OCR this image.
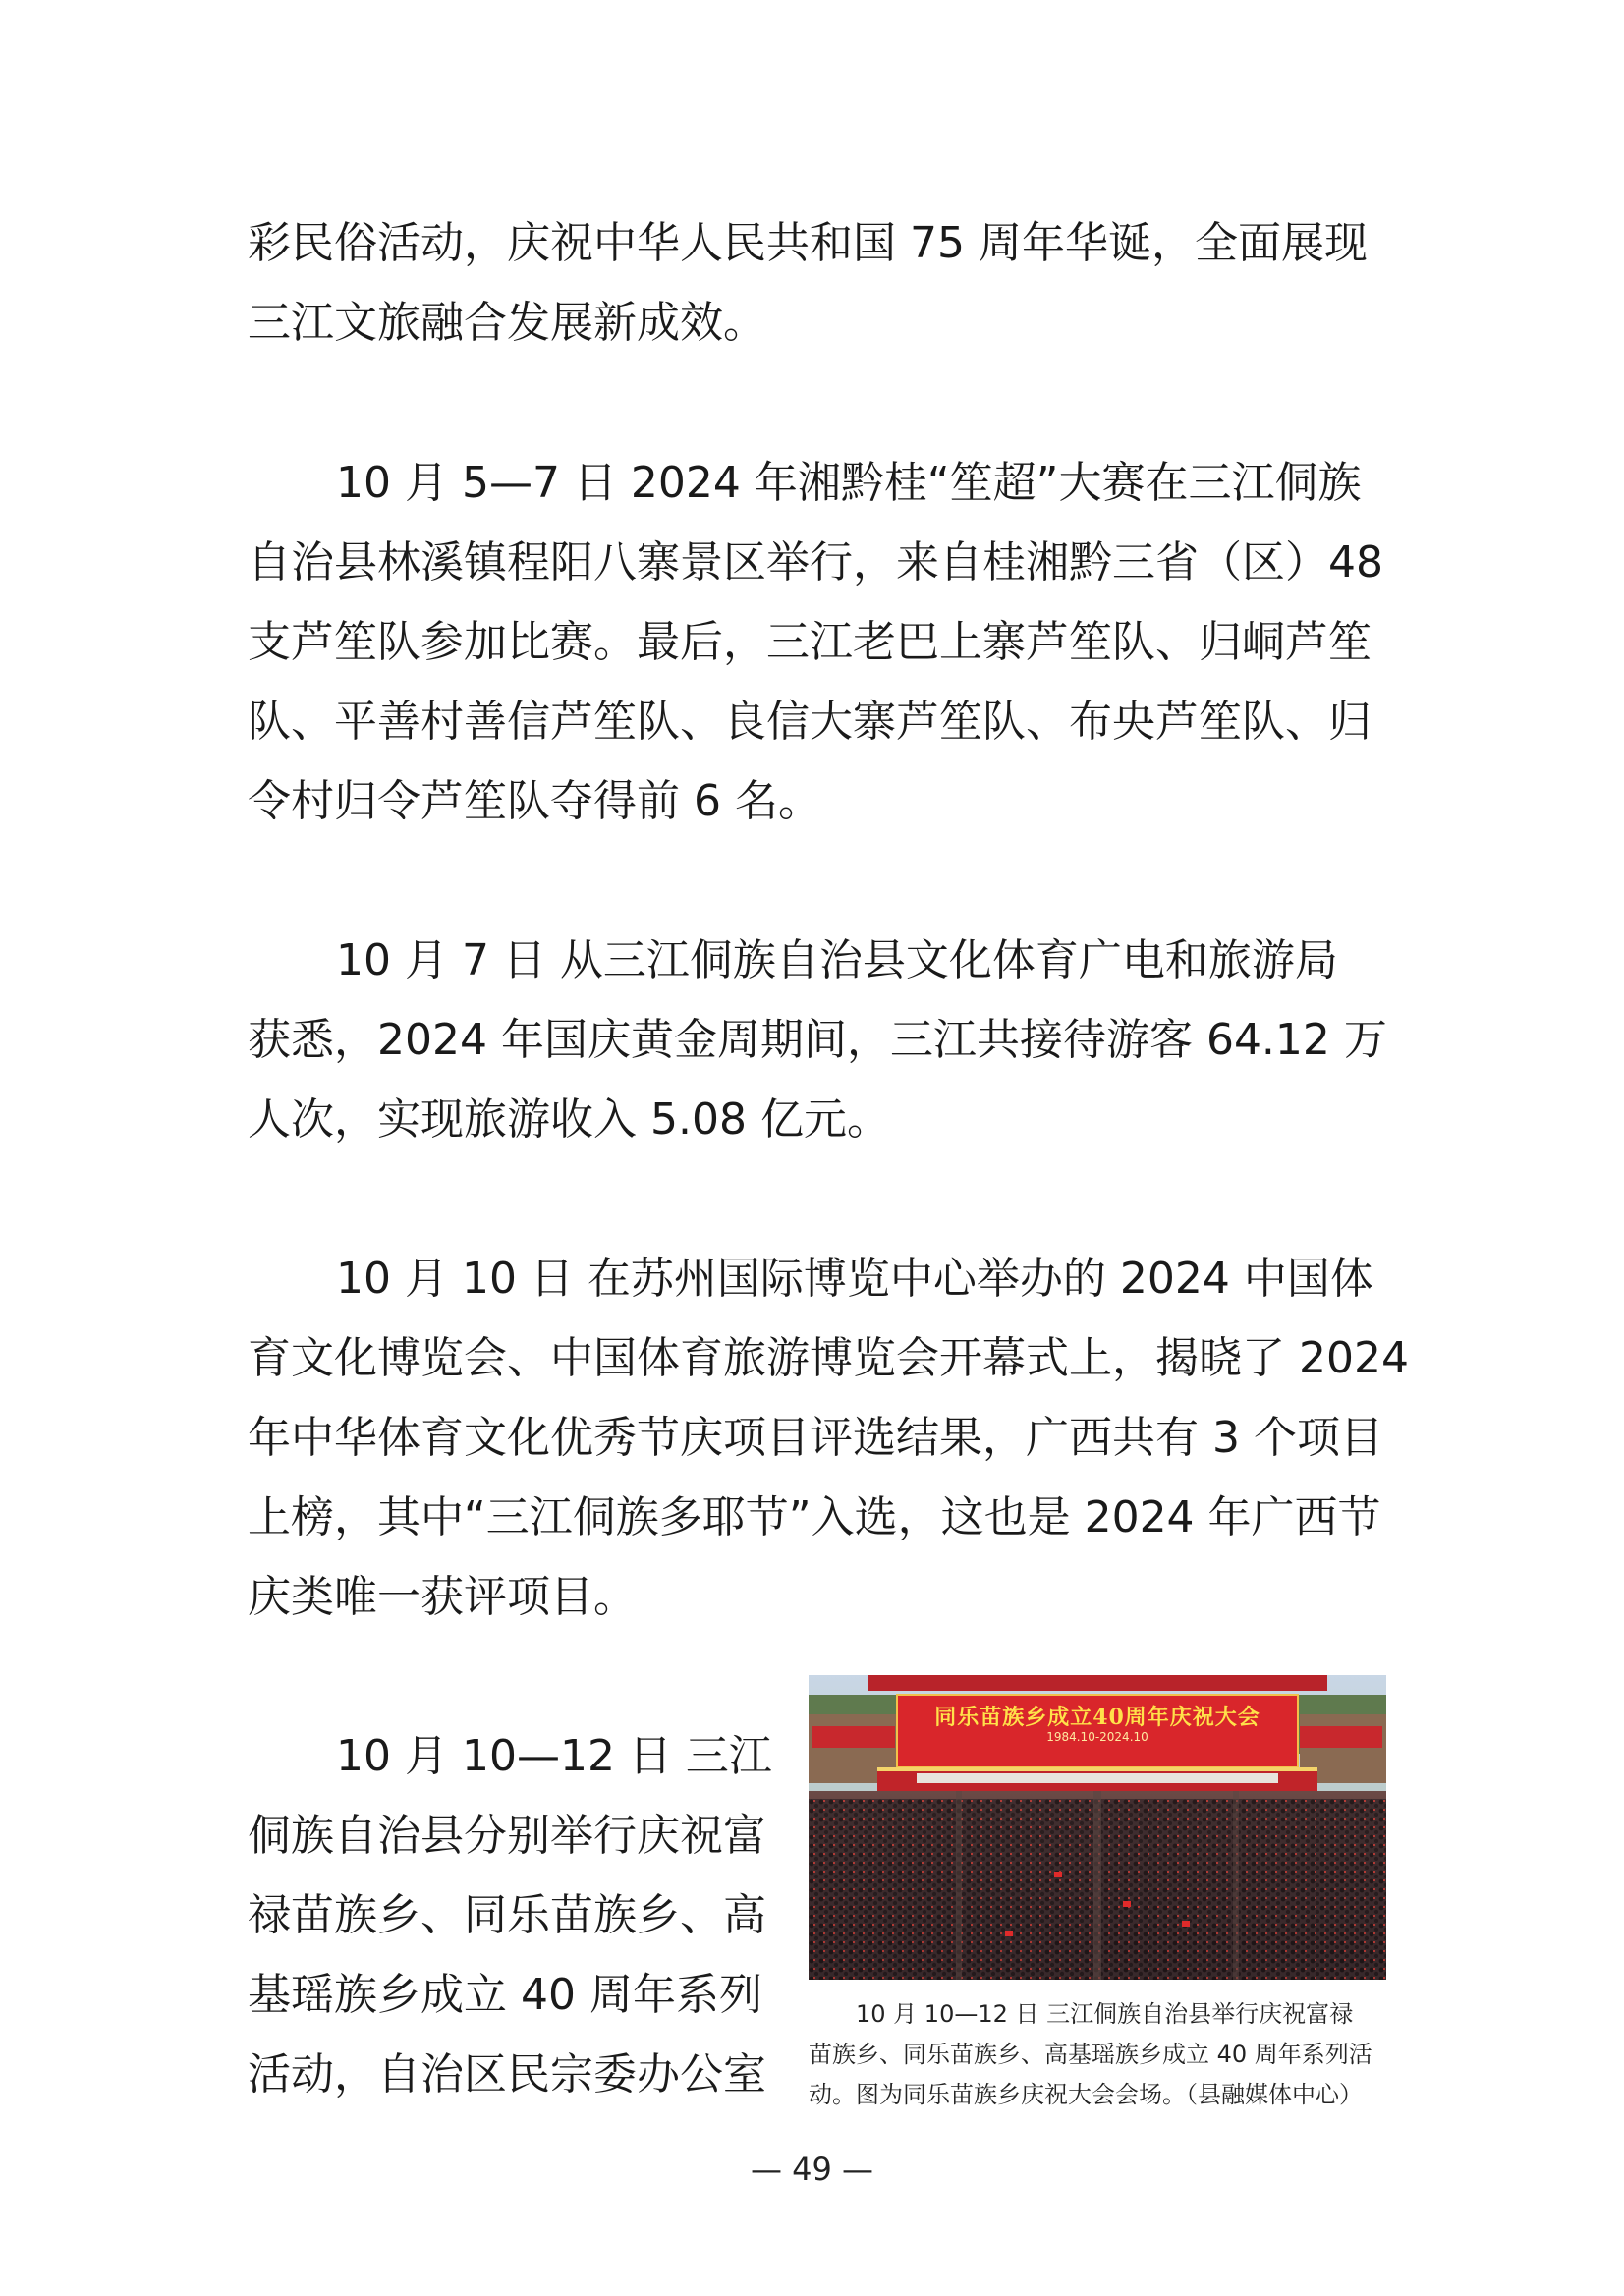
彩民俗活动，庆祝中华人民共和国 75 周年华诞，全面展现
三江文旅融合发展新成效。
10 月 5—7 日 2024 年湘黔桂“笙超”大赛在三江侗族
自治县林溪镇程阳八寨景区举行，来自桂湘黔三省（区）48
支芦笙队参加比赛。最后，三江老巴上寨芦笙队、归峒芦笙
队、平善村善信芦笙队、良信大寨芦笙队、布央芦笙队、归
令村归令芦笙队夺得前 6 名。
10 月 7 日 从三江侗族自治县文化体育广电和旅游局
获悉，2024 年国庆黄金周期间，三江共接待游客 64.12 万
人次，实现旅游收入 5.08 亿元。
10 月 10 日 在苏州国际博览中心举办的 2024 中国体
育文化博览会、中国体育旅游博览会开幕式上，揭晓了 2024
年中华体育文化优秀节庆项目评选结果，广西共有 3 个项目
上榜，其中“三江侗族多耶节”入选，这也是 2024 年广西节
庆类唯一获评项目。
10 月 10—12 日 三江
侗族自治县分别举行庆祝富
禄苗族乡、同乐苗族乡、高
基瑶族乡成立 40 周年系列
活动，自治区民宗委办公室
同乐苗族乡成立40周年庆祝大会
1984.10-2024.10
10 月 10—12 日 三江侗族自治县举行庆祝富禄
苗族乡、同乐苗族乡、高基瑶族乡成立 40 周年系列活
动。图为同乐苗族乡庆祝大会会场。（县融媒体中心）
— 49 —
